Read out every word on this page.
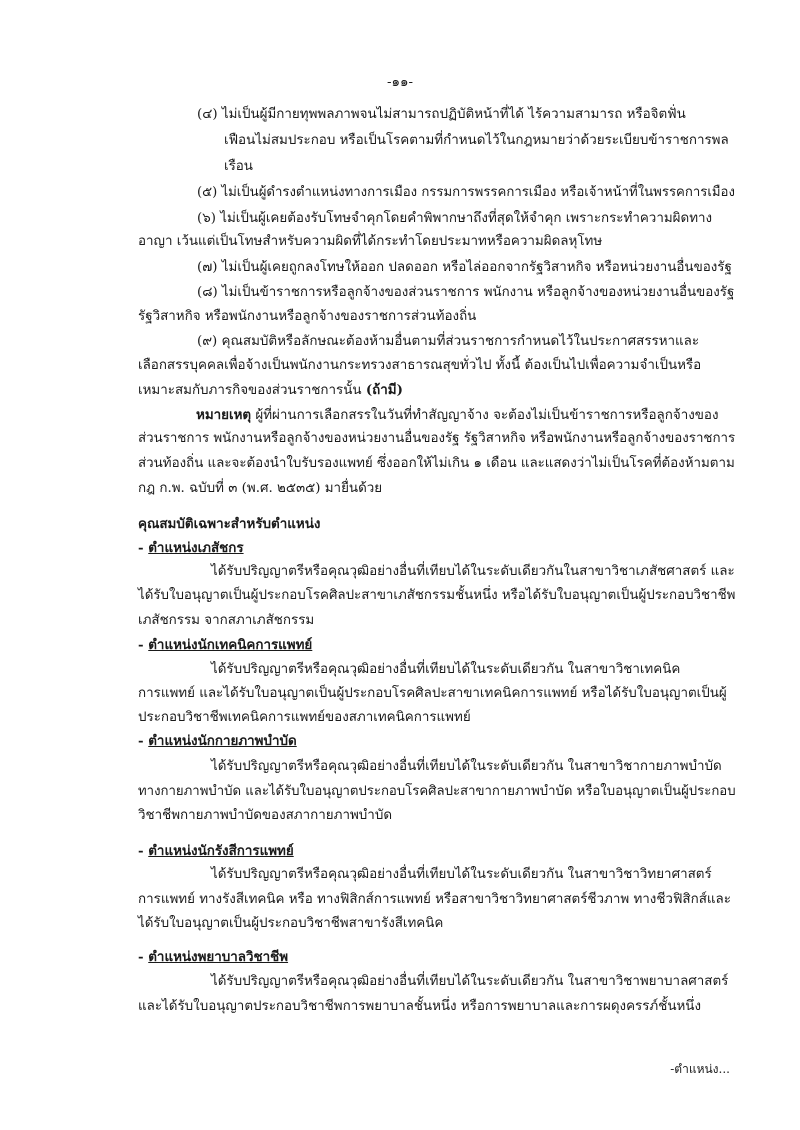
-๑๑-
(๔) ไม่เป็นผู้มีกายทุพพลภาพจนไม่สามารถปฏิบัติหน้าที่ได้ ไร้ความสามารถ หรือจิตฟั่น
เฟือนไม่สมประกอบ หรือเป็นโรคตามที่กำหนดไว้ในกฎหมายว่าด้วยระเบียบข้าราชการพล
เรือน
(๕) ไม่เป็นผู้ดำรงตำแหน่งทางการเมือง กรรมการพรรคการเมือง หรือเจ้าหน้าที่ในพรรคการเมือง
(๖) ไม่เป็นผู้เคยต้องรับโทษจำคุกโดยคำพิพากษาถึงที่สุดให้จำคุก เพราะกระทำความผิดทาง
อาญา เว้นแต่เป็นโทษสำหรับความผิดที่ได้กระทำโดยประมาทหรือความผิดลหุโทษ
(๗) ไม่เป็นผู้เคยถูกลงโทษให้ออก ปลดออก หรือไล่ออกจากรัฐวิสาหกิจ หรือหน่วยงานอื่นของรัฐ
(๘) ไม่เป็นข้าราชการหรือลูกจ้างของส่วนราชการ พนักงาน หรือลูกจ้างของหน่วยงานอื่นของรัฐ
รัฐวิสาหกิจ หรือพนักงานหรือลูกจ้างของราชการส่วนท้องถิ่น
(๙) คุณสมบัติหรือลักษณะต้องห้ามอื่นตามที่ส่วนราชการกำหนดไว้ในประกาศสรรหาและ
เลือกสรรบุคคลเพื่อจ้างเป็นพนักงานกระทรวงสาธารณสุขทั่วไป ทั้งนี้ ต้องเป็นไปเพื่อความจำเป็นหรือ
เหมาะสมกับภารกิจของส่วนราชการนั้น (ถ้ามี)
หมายเหตุ ผู้ที่ผ่านการเลือกสรรในวันที่ทำสัญญาจ้าง จะต้องไม่เป็นข้าราชการหรือลูกจ้างของ
ส่วนราชการ พนักงานหรือลูกจ้างของหน่วยงานอื่นของรัฐ รัฐวิสาหกิจ หรือพนักงานหรือลูกจ้างของราชการ
ส่วนท้องถิ่น และจะต้องนำใบรับรองแพทย์ ซึ่งออกให้ไม่เกิน ๑ เดือน และแสดงว่าไม่เป็นโรคที่ต้องห้ามตาม
กฎ ก.พ. ฉบับที่ ๓ (พ.ศ. ๒๕๓๕) มายื่นด้วย
คุณสมบัติเฉพาะสำหรับตำแหน่ง
- ตำแหน่งเภสัชกร
ได้รับปริญญาตรีหรือคุณวุฒิอย่างอื่นที่เทียบได้ในระดับเดียวกันในสาขาวิชาเภสัชศาสตร์ และ
ได้รับใบอนุญาตเป็นผู้ประกอบโรคศิลปะสาขาเภสัชกรรมชั้นหนึ่ง หรือได้รับใบอนุญาตเป็นผู้ประกอบวิชาชีพ
เภสัชกรรม จากสภาเภสัชกรรม
- ตำแหน่งนักเทคนิคการแพทย์
ได้รับปริญญาตรีหรือคุณวุฒิอย่างอื่นที่เทียบได้ในระดับเดียวกัน ในสาขาวิชาเทคนิค
การแพทย์ และได้รับใบอนุญาตเป็นผู้ประกอบโรคศิลปะสาขาเทคนิคการแพทย์ หรือได้รับใบอนุญาตเป็นผู้
ประกอบวิชาชีพเทคนิคการแพทย์ของสภาเทคนิคการแพทย์
- ตำแหน่งนักกายภาพบำบัด
ได้รับปริญญาตรีหรือคุณวุฒิอย่างอื่นที่เทียบได้ในระดับเดียวกัน ในสาขาวิชากายภาพบำบัด
ทางกายภาพบำบัด และได้รับใบอนุญาตประกอบโรคศิลปะสาขากายภาพบำบัด หรือใบอนุญาตเป็นผู้ประกอบ
วิชาชีพกายภาพบำบัดของสภากายภาพบำบัด
- ตำแหน่งนักรังสีการแพทย์
ได้รับปริญญาตรีหรือคุณวุฒิอย่างอื่นที่เทียบได้ในระดับเดียวกัน ในสาขาวิชาวิทยาศาสตร์
การแพทย์ ทางรังสีเทคนิค หรือ ทางฟิสิกส์การแพทย์ หรือสาขาวิชาวิทยาศาสตร์ชีวภาพ ทางชีวฟิสิกส์และ
ได้รับใบอนุญาตเป็นผู้ประกอบวิชาชีพสาขารังสีเทคนิค
- ตำแหน่งพยาบาลวิชาชีพ
ได้รับปริญญาตรีหรือคุณวุฒิอย่างอื่นที่เทียบได้ในระดับเดียวกัน ในสาขาวิชาพยาบาลศาสตร์
และได้รับใบอนุญาตประกอบวิชาชีพการพยาบาลชั้นหนึ่ง หรือการพยาบาลและการผดุงครรภ์ชั้นหนึ่ง
-ตำแหน่ง...
